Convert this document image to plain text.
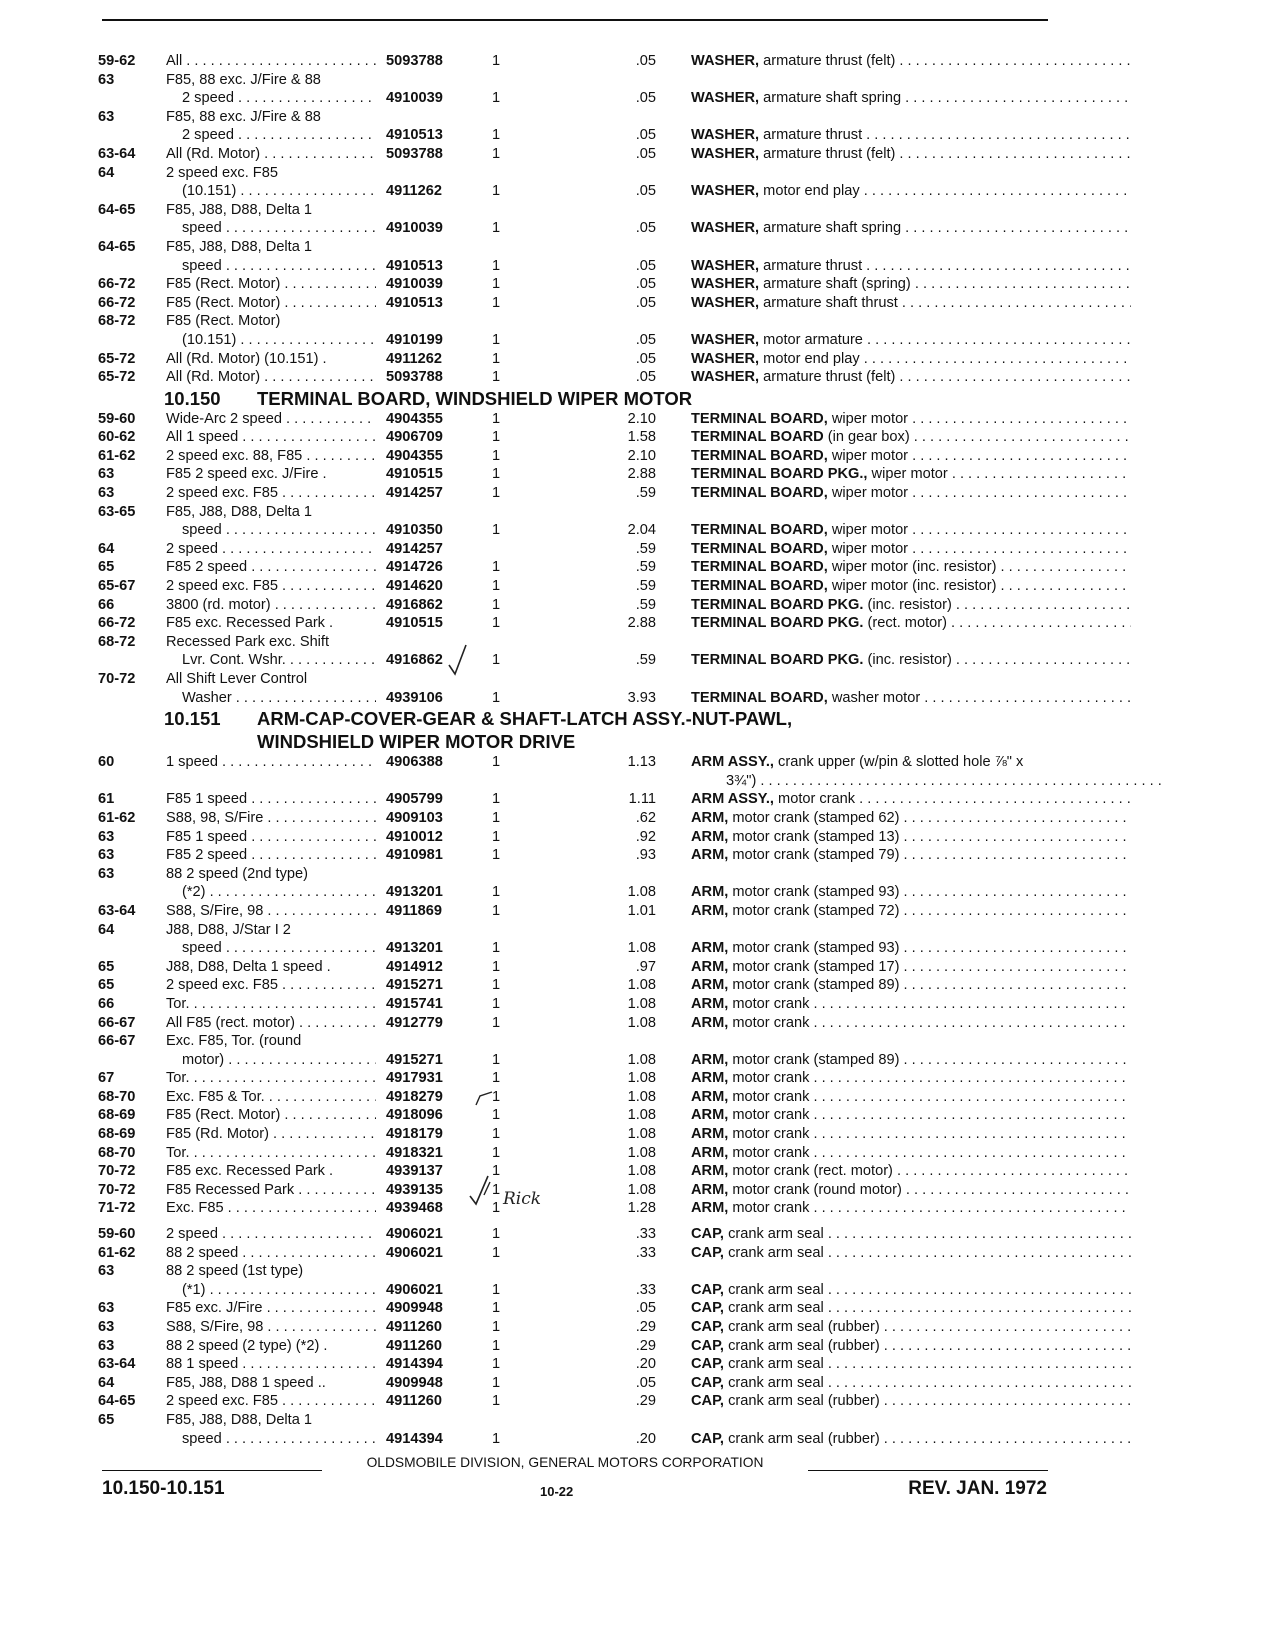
59-62 All . . .	5093788	1	.05 WASHER, armature thrust (felt) . . .
63	F85, 88 exc. J/Fire & 88
2 speed . . .	4910039	1	.05 WASHER, armature shaft spring . . .
63	F85, 88 exc. J/Fire & 88
2 speed . . .	4910513	1	.05 WASHER, armature thrust . . .
63-64 All (Rd. Motor) . . .	5093788	1	.05 WASHER, armature thrust (felt) . . .
64	2 speed exc. F85
(10.151) . . .	4911262	1	.05 WASHER, motor end play . . .
64-65 F85, J88, D88, Delta 1
speed . . .	4910039	1	.05 WASHER, armature shaft spring . . .
64-65 F85, J88, D88, Delta 1
speed . . .	4910513	1	.05 WASHER, armature thrust . . .
66-72 F85 (Rect. Motor) . . .	4910039	1	.05 WASHER, armature shaft (spring) . . .
66-72 F85 (Rect. Motor) . . .	4910513	1	.05 WASHER, armature shaft thrust . . .
68-72 F85 (Rect. Motor)
(10.151) . . .	4910199	1	.05 WASHER, motor armature . . .
65-72 All (Rd. Motor) (10.151) .	4911262	1	.05 WASHER, motor end play . . .
65-72 All (Rd. Motor) . . .	5093788	1	.05 WASHER, armature thrust (felt) . . .
10.150 TERMINAL BOARD, WINDSHIELD WIPER MOTOR
59-60 Wide-Arc 2 speed . . .	4904355	1	2.10 TERMINAL BOARD, wiper motor . . .
60-62 All 1 speed . . .	4906709	1	1.58 TERMINAL BOARD (in gear box) . . .
61-62 2 speed exc. 88, F85 . . .	4904355	1	2.10 TERMINAL BOARD, wiper motor . . .
63	F85 2 speed exc. J/Fire .	4910515	1	2.88 TERMINAL BOARD PKG., wiper motor . . .
63	2 speed exc. F85 . . .	4914257	1	.59 TERMINAL BOARD, wiper motor . . .
63-65 F85, J88, D88, Delta 1
speed . . .	4910350	1	2.04 TERMINAL BOARD, wiper motor . . .
64	2 speed . . .	4914257	.59 TERMINAL BOARD, wiper motor . . .
65	F85 2 speed . . .	4914726	1	.59 TERMINAL BOARD, wiper motor (inc. resistor) . . .
65-67 2 speed exc. F85 . . .	4914620	1	.59 TERMINAL BOARD, wiper motor (inc. resistor) . . .
66	3800 (rd. motor) . . .	4916862	1	.59 TERMINAL BOARD PKG. (inc. resistor) . . .
66-72 F85 exc. Recessed Park .	4910515	1	2.88 TERMINAL BOARD PKG. (rect. motor) . . .
68-72 Recessed Park exc. Shift
Lvr. Cont. Wshr. . . .	4916862	1	.59 TERMINAL BOARD PKG. (inc. resistor) . . .
70-72 All Shift Lever Control
Washer . . .	4939106	1	3.93 TERMINAL BOARD, washer motor . . .
10.151 ARM-CAP-COVER-GEAR & SHAFT-LATCH ASSY.-NUT-PAWL,
WINDSHIELD WIPER MOTOR DRIVE
60	1 speed . . .	4906388	1	1.13 ARM ASSY., crank upper (w/pin & slotted hole ⅞" x
3¾") . . .
61	F85 1 speed . . .	4905799	1	1.11 ARM ASSY., motor crank . . .
61-62 S88, 98, S/Fire . . .	4909103	1	.62 ARM, motor crank (stamped 62) . . .
63	F85 1 speed . . .	4910012	1	.92 ARM, motor crank (stamped 13) . . .
63	F85 2 speed . . .	4910981	1	.93 ARM, motor crank (stamped 79) . . .
63	88 2 speed (2nd type)
(*2) . . .	4913201	1	1.08 ARM, motor crank (stamped 93) . . .
63-64 S88, S/Fire, 98 . . .	4911869	1	1.01 ARM, motor crank (stamped 72) . . .
64	J88, D88, J/Star I 2
speed . . .	4913201	1	1.08 ARM, motor crank (stamped 93) . . .
65	J88, D88, Delta 1 speed .	4914912	1	.97 ARM, motor crank (stamped 17) . . .
65	2 speed exc. F85 . . .	4915271	1	1.08 ARM, motor crank (stamped 89) . . .
66	Tor. . . .	4915741	1	1.08 ARM, motor crank . . .
66-67 All F85 (rect. motor) . . .	4912779	1	1.08 ARM, motor crank . . .
66-67 Exc. F85, Tor. (round
motor) . . .	4915271	1	1.08 ARM, motor crank (stamped 89) . . .
67	Tor. . . .	4917931	1	1.08 ARM, motor crank . . .
68-70 Exc. F85 & Tor. . . .	4918279	1	1.08 ARM, motor crank . . .
68-69 F85 (Rect. Motor) . . .	4918096	1	1.08 ARM, motor crank . . .
68-69 F85 (Rd. Motor) . . .	4918179	1	1.08 ARM, motor crank . . .
68-70 Tor. . . .	4918321	1	1.08 ARM, motor crank . . .
70-72 F85 exc. Recessed Park .	4939137	1	1.08 ARM, motor crank (rect. motor) . . .
70-72 F85 Recessed Park . . .	4939135	1	1.08 ARM, motor crank (round motor) . . .
71-72 Exc. F85 . . .	4939468	1	1.28 ARM, motor crank . . .
59-60 2 speed . . .	4906021	1	.33 CAP, crank arm seal . . .
61-62 88 2 speed . . .	4906021	1	.33 CAP, crank arm seal . . .
63	88 2 speed (1st type)
(*1) . . .	4906021	1	.33 CAP, crank arm seal . . .
63	F85 exc. J/Fire . . .	4909948	1	.05 CAP, crank arm seal . . .
63	S88, S/Fire, 98 . . .	4911260	1	.29 CAP, crank arm seal (rubber) . . .
63	88 2 speed (2 type) (*2) .	4911260	1	.29 CAP, crank arm seal (rubber) . . .
63-64 88 1 speed . . .	4914394	1	.20 CAP, crank arm seal . . .
64	F85, J88, D88 1 speed ..	4909948	1	.05 CAP, crank arm seal . . .
64-65 2 speed exc. F85 . . .	4911260	1	.29 CAP, crank arm seal (rubber) . . .
65	F85, J88, D88, Delta 1
speed . . .	4914394	1	.20 CAP, crank arm seal (rubber) . . .
OLDSMOBILE DIVISION, GENERAL MOTORS CORPORATION
10.150-10.151	10-22	REV. JAN. 1972
Rick
